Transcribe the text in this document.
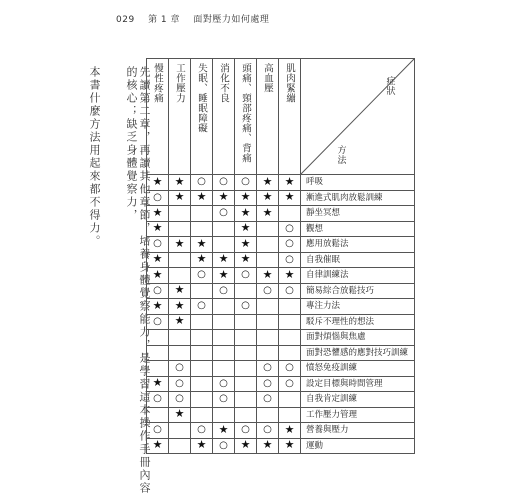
029 第 1 章 面對壓力如何處理
本書什麼方法用起來都不得力。	先讀第二章，再讀其他章節，培養身體覺察能力，是學習這本操作手冊內容的核心；缺乏身體覺察力，	慢性疼痛	工作壓力	失眠、睡眠障礙	消化不良	頭痛、頸部疼痛、背痛	高血壓	肌肉緊繃	症狀
方法

★	★	○	○	○	★	★	呼吸
○	★	★	★	★	★	★	漸進式肌肉放鬆訓練
★			○	★	★		靜坐冥想
★				★		○	觀想
○	★	★		★		○	應用放鬆法
★		★	★	★		○	自我催眠
★		○	★	○	★	★	自律訓練法
○	★		○		○	○	簡易綜合放鬆技巧
★	★	○		○			專注力法
○	★						駁斥不理性的想法
							面對煩惱與焦慮
							面對恐懼感的應對技巧訓練
	○				○	○	憤怒免疫訓練
★	○		○		○	○	設定目標與時間管理
○	○		○		○		自我肯定訓練
	★						工作壓力管理
○		○	★	○	○	★	營養與壓力
★		★	○	★	★	★	運動
